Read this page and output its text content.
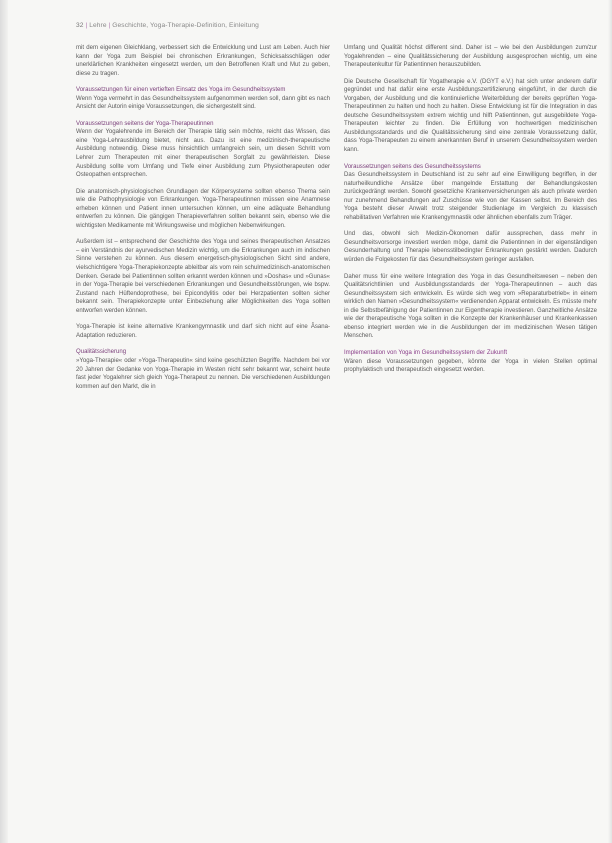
32 | Lehre | Geschichte, Yoga-Therapie-Definition, Einleitung

mit dem eigenen Gleichklang, verbessert sich die Entwicklung und Lust am Leben. Auch hier kann der Yoga zum Beispiel bei chronischen Erkrankungen, Schicksalsschlägen oder unerklärlichen Krankheiten eingesetzt werden, um den Betroffenen Kraft und Mut zu geben, diese zu tragen.

Voraussetzungen für einen vertieften Einsatz des Yoga im Gesundheitssystem

Wenn Yoga vermehrt in das Gesundheitssystem aufgenommen werden soll, dann gibt es nach Ansicht der Autorin einige Voraussetzungen, die sichergestellt sind.

Voraussetzungen seitens der Yoga-Therapeutinnen

Wenn der Yogalehrende im Bereich der Therapie tätig sein möchte, reicht das Wissen, das eine Yoga-Lehrausbildung bietet, nicht aus. Dazu ist eine medizinisch-therapeutische Ausbildung notwendig. Diese muss hinsichtlich umfangreich sein, um diesen Schritt vom Lehrer zum Therapeuten mit einer therapeutischen Sorgfalt zu gewährleisten. Diese Ausbildung sollte vom Umfang und Tiefe einer Ausbildung zum Physiotherapeuten oder Osteopathen entsprechen.

Die anatomisch-physiologischen Grundlagen der Körpersysteme sollten ebenso Thema sein wie die Pathophysiologie von Erkrankungen. Yoga-Therapeutinnen müssen eine Anamnese erheben können und Patient innen untersuchen können, um eine adäquate Behandlung entwerfen zu können. Die gängigen Therapieverfahren sollten bekannt sein, ebenso wie die wichtigsten Medikamente mit Wirkungsweise und möglichen Nebenwirkungen.

Außerdem ist – entsprechend der Geschichte des Yoga und seines therapeutischen Ansatzes – ein Verständnis der ayurvedischen Medizin wichtig, um die Erkrankungen auch im indischen Sinne verstehen zu können. Aus diesem energetisch-physiologischen Sicht sind andere, vielschichtigere Yoga-Therapiekonzepte ableitbar als vom rein schulmedizinisch-anatomischen Denken. Gerade bei Patientinnen sollten erkannt werden können und »Doshas« und »Gunas« in der Yoga-Therapie bei verschiedenen Erkrankungen und Gesundheitsstörungen, wie bspw. Zustand nach Hüftendoprothese, bei Epicondylitis oder bei Herzpatienten sollten sicher bekannt sein. Therapiekonzepte unter Einbeziehung aller Möglichkeiten des Yoga sollten entworfen werden können.

Yoga-Therapie ist keine alternative Krankengymnastik und darf sich nicht auf eine Âsana-Adaptation reduzieren.

Qualitätssicherung

»Yoga-Therapie« oder »Yoga-Therapeutin« sind keine geschützten Begriffe. Nachdem bei vor 20 Jahren der Gedanke von Yoga-Therapie im Westen nicht sehr bekannt war, scheint heute fast jeder Yogalehrer sich gleich Yoga-Therapeut zu nennen. Die verschiedenen Ausbildungen kommen auf den Markt, die in

Umfang und Qualität höchst different sind. Daher ist – wie bei den Ausbildungen zum/zur Yogalehrenden – eine Qualitätssicherung der Ausbildung ausgesprochen wichtig, um eine Therapeutenkultur für Patientinnen herauszubilden.

Die Deutsche Gesellschaft für Yogatherapie e.V. (DGYT e.V.) hat sich unter anderem dafür gegründet und hat dafür eine erste Ausbildungszertifizierung eingeführt, in der durch die Vorgaben, der Ausbildung und die kontinuierliche Weiterbildung der bereits geprüften Yoga-Therapeutinnen zu halten und hoch zu halten. Diese Entwicklung ist für die Integration in das deutsche Gesundheitssystem extrem wichtig und hilft Patientinnen, gut ausgebildete Yoga-Therapeuten leichter zu finden. Die Erfüllung von hochwertigen medizinischen Ausbildungsstandards und die Qualitätssicherung sind eine zentrale Voraussetzung dafür, dass Yoga-Therapeuten zu einem anerkannten Beruf in unserem Gesundheitssystem werden kann.

Voraussetzungen seitens des Gesundheitssystems

Das Gesundheitssystem in Deutschland ist zu sehr auf eine Einwilligung begriffen, in der naturheilkundliche Ansätze über mangelnde Erstattung der Behandlungskosten zurückgedrängt werden. Sowohl gesetzliche Krankenversicherungen als auch private werden nur zunehmend Behandlungen auf Zuschüsse wie von der Kassen selbst. Im Bereich des Yoga besteht dieser Anwalt trotz steigender Studienlage im Vergleich zu klassisch rehabilitativen Verfahren wie Krankengymnastik oder ähnlichen ebenfalls zum Träger.

Und das, obwohl sich Medizin-Ökonomen dafür aussprechen, dass mehr in Gesundheitsvorsorge investiert werden möge, damit die Patientinnen in der eigenständigen Gesunderhaltung und Therapie lebensstilbedingter Erkrankungen gestärkt werden. Dadurch würden die Folgekosten für das Gesundheitssystem geringer ausfallen.

Daher muss für eine weitere Integration des Yoga in das Gesundheitswesen – neben den Qualitätsrichtlinien und Ausbildungsstandards der Yoga-Therapeutinnen – auch das Gesundheitssystem sich entwickeln. Es würde sich weg vom »Reparaturbetrieb« in einem wirklich den Namen »Gesundheitssystem« verdienenden Apparat entwickeln. Es müsste mehr in die Selbstbefähigung der Patientinnen zur Eigentherapie investieren. Ganzheitliche Ansätze wie der therapeutische Yoga sollten in die Konzepte der Krankenhäuser und Krankenkassen ebenso integriert werden wie in die Ausbildungen der im medizinischen Wesen tätigen Menschen.

Implementation von Yoga im Gesundheitssystem der Zukunft

Wären diese Voraussetzungen gegeben, könnte der Yoga in vielen Stellen optimal prophylaktisch und therapeutisch eingesetzt werden.
